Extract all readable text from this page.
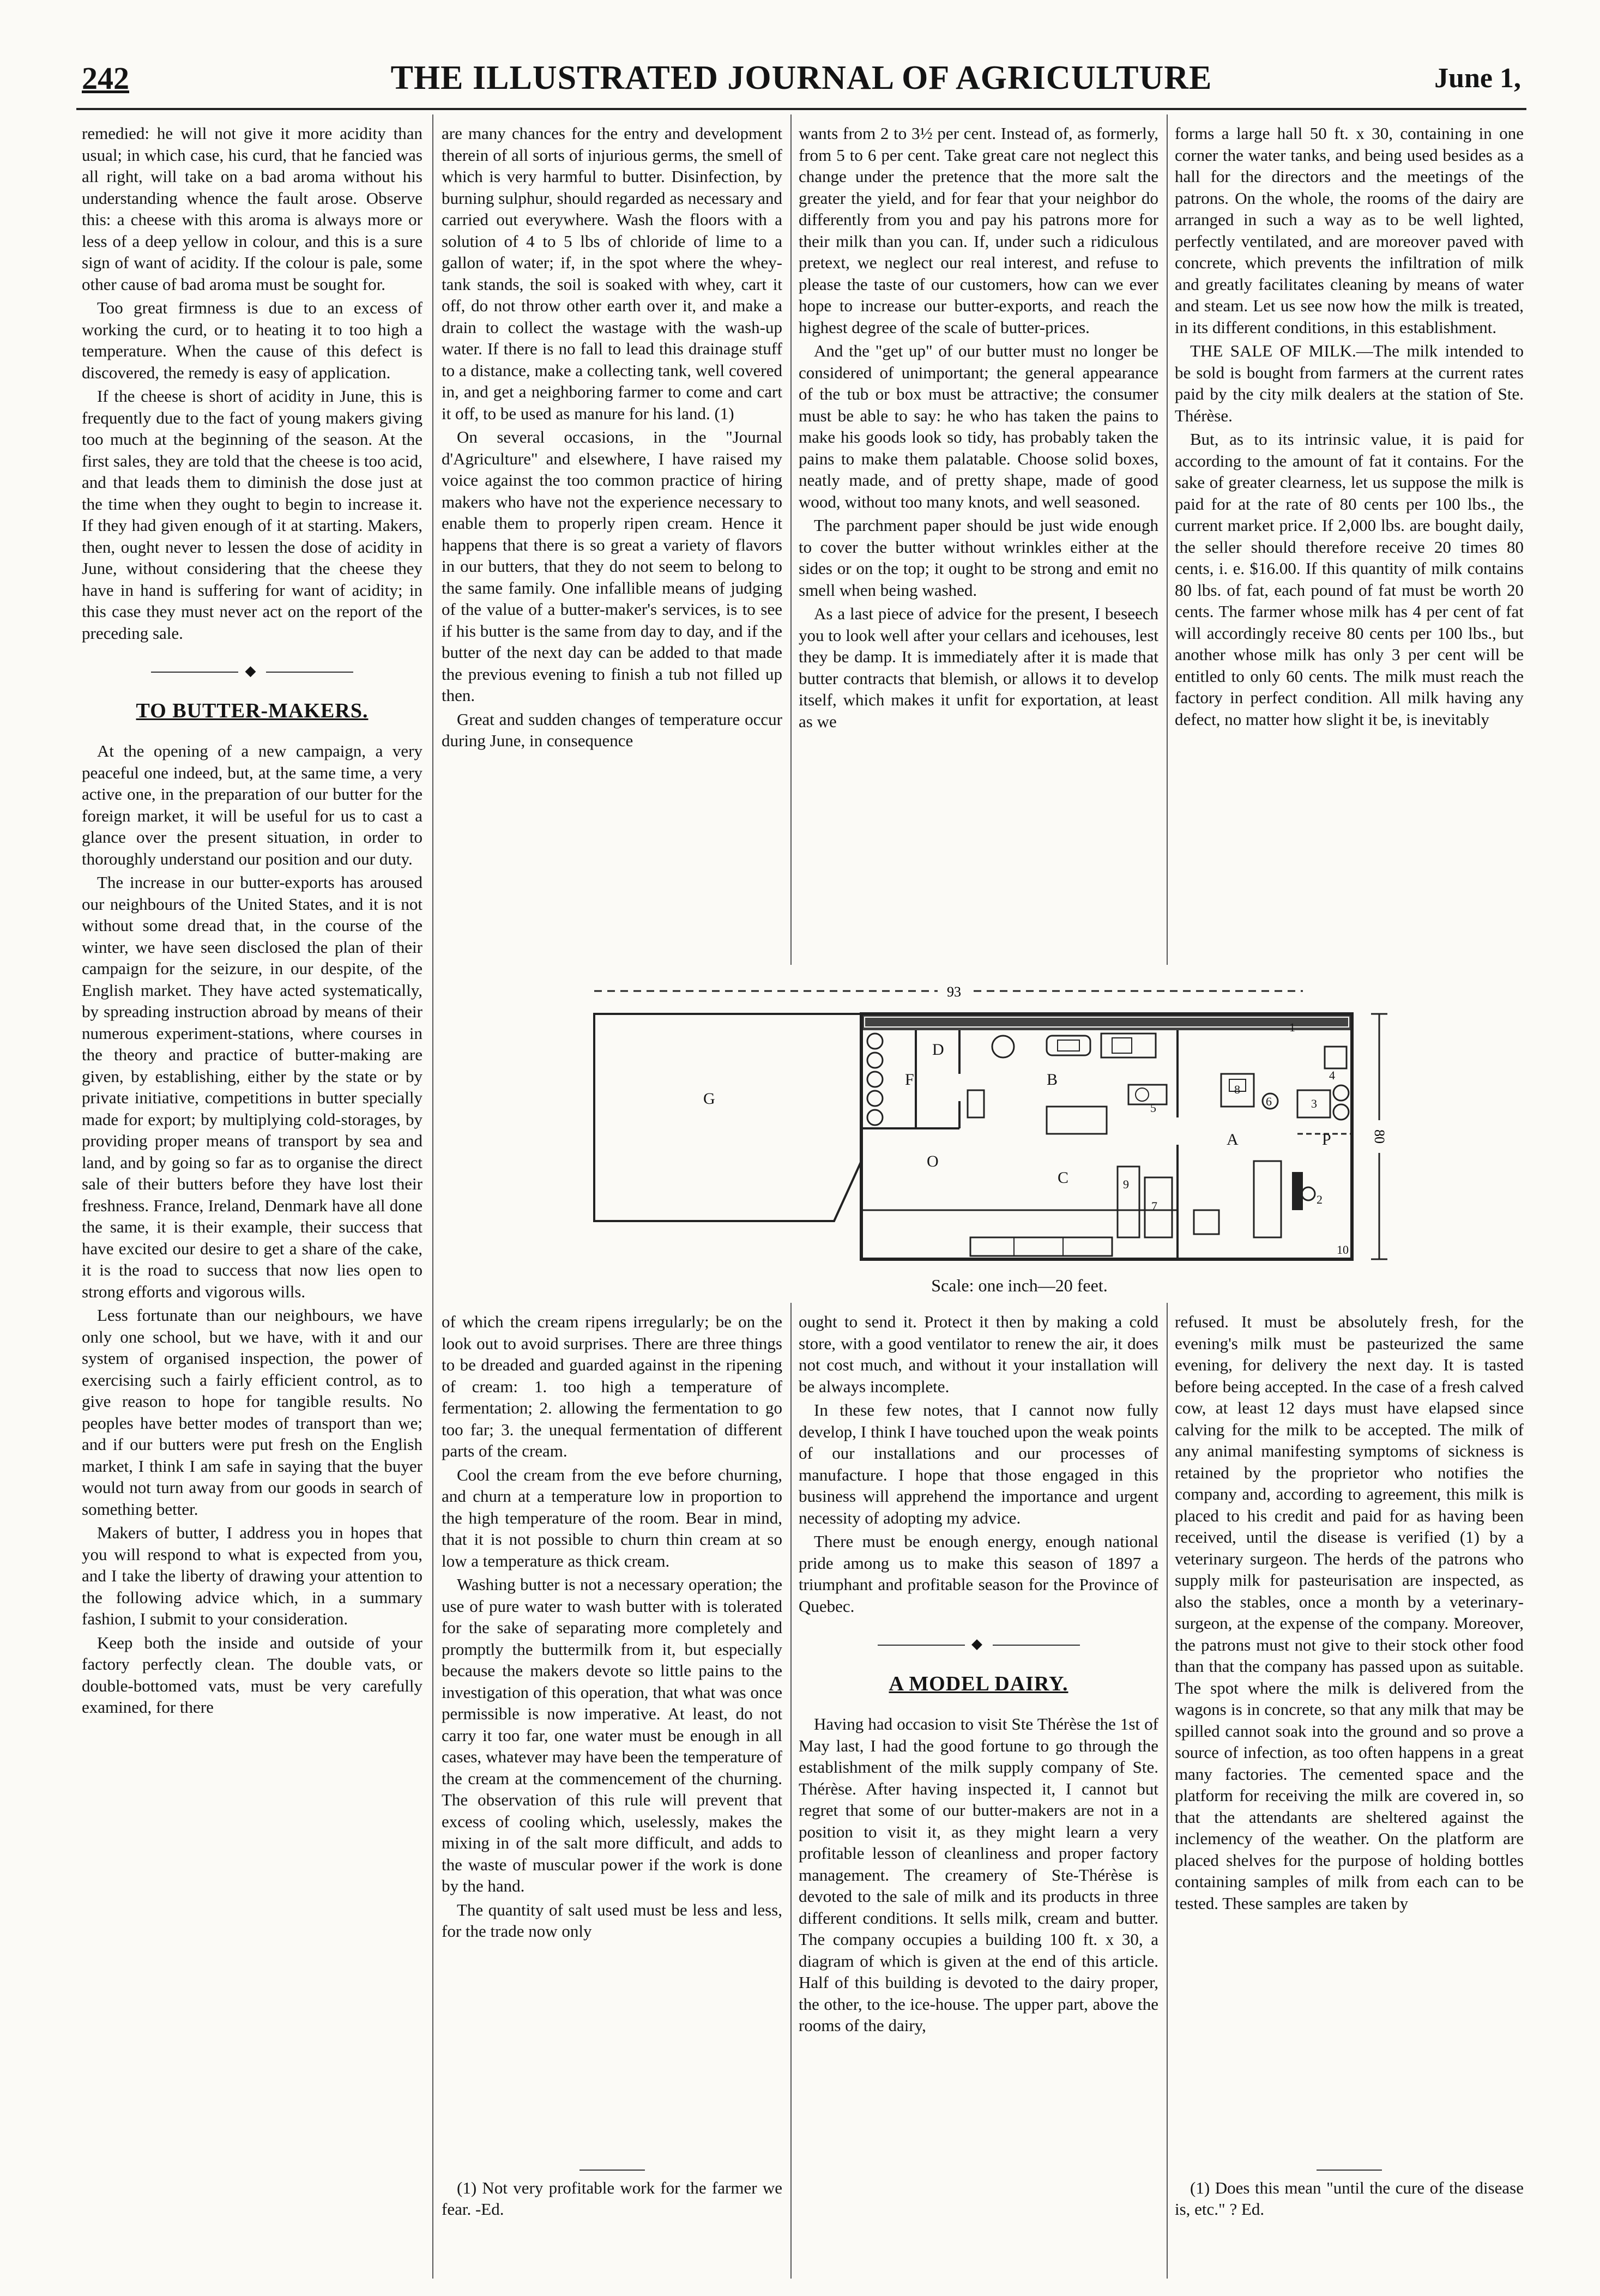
242	THE ILLUSTRATED JOURNAL OF AGRICULTURE	June 1,

remedied: he will not give it more acidity than usual; in which case, his curd, that he fancied was all right, will take on a bad aroma without his understanding whence the fault arose. Observe this: a cheese with this aroma is always more or less of a deep yellow in colour, and this is a sure sign of want of acidity. If the colour is pale, some other cause of bad aroma must be sought for.

Too great firmness is due to an excess of working the curd, or to heating it to too high a temperature. When the cause of this defect is discovered, the remedy is easy of application.

If the cheese is short of acidity in June, this is frequently due to the fact of young makers giving too much at the beginning of the season. At the first sales, they are told that the cheese is too acid, and that leads them to diminish the dose just at the time when they ought to begin to increase it. If they had given enough of it at starting. Makers, then, ought never to lessen the dose of acidity in June, without considering that the cheese they have in hand is suffering for want of acidity; in this case they must never act on the report of the preceding sale.

◆
TO BUTTER-MAKERS.

At the opening of a new campaign, a very peaceful one indeed, but, at the same time, a very active one, in the preparation of our butter for the foreign market, it will be useful for us to cast a glance over the present situation, in order to thoroughly understand our position and our duty.

The increase in our butter-exports has aroused our neighbours of the United States, and it is not without some dread that, in the course of the winter, we have seen disclosed the plan of their campaign for the seizure, in our despite, of the English market. They have acted systematically, by spreading instruction abroad by means of their numerous experiment-stations, where courses in the theory and practice of butter-making are given, by establishing, either by the state or by private initiative, competitions in butter specially made for export; by multiplying cold-storages, by providing proper means of transport by sea and land, and by going so far as to organise the direct sale of their butters before they have lost their freshness. France, Ireland, Denmark have all done the same, it is their example, their success that have excited our desire to get a share of the cake, it is the road to success that now lies open to strong efforts and vigorous wills.

Less fortunate than our neighbours, we have only one school, but we have, with it and our system of organised inspection, the power of exercising such a fairly efficient control, as to give reason to hope for tangible results. No peoples have better modes of transport than we; and if our butters were put fresh on the English market, I think I am safe in saying that the buyer would not turn away from our goods in search of something better.

Makers of butter, I address you in hopes that you will respond to what is expected from you, and I take the liberty of drawing your attention to the following advice which, in a summary fashion, I submit to your consideration.

Keep both the inside and outside of your factory perfectly clean. The double vats, or double-bottomed vats, must be very carefully examined, for there

are many chances for the entry and development therein of all sorts of injurious germs, the smell of which is very harmful to butter. Disinfection, by burning sulphur, should regarded as necessary and carried out everywhere. Wash the floors with a solution of 4 to 5 lbs of chloride of lime to a gallon of water; if, in the spot where the whey-tank stands, the soil is soaked with whey, cart it off, do not throw other earth over it, and make a drain to collect the wastage with the wash-up water. If there is no fall to lead this drainage stuff to a distance, make a collecting tank, well covered in, and get a neighboring farmer to come and cart it off, to be used as manure for his land. (1)

On several occasions, in the "Journal d'Agriculture" and elsewhere, I have raised my voice against the too common practice of hiring makers who have not the experience necessary to enable them to properly ripen cream. Hence it happens that there is so great a variety of flavors in our butters, that they do not seem to belong to the same family. One infallible means of judging of the value of a butter-maker's services, is to see if his butter is the same from day to day, and if the butter of the next day can be added to that made the previous evening to finish a tub not filled up then.

Great and sudden changes of temperature occur during June, in consequence

wants from 2 to 3½ per cent. Instead of, as formerly, from 5 to 6 per cent. Take great care not neglect this change under the pretence that the more salt the greater the yield, and for fear that your neighbor do differently from you and pay his patrons more for their milk than you can. If, under such a ridiculous pretext, we neglect our real interest, and refuse to please the taste of our customers, how can we ever hope to increase our butter-exports, and reach the highest degree of the scale of butter-prices.

And the "get up" of our butter must no longer be considered of unimportant; the general appearance of the tub or box must be attractive; the consumer must be able to say: he who has taken the pains to make his goods look so tidy, has probably taken the pains to make them palatable. Choose solid boxes, neatly made, and of pretty shape, made of good wood, without too many knots, and well seasoned.

The parchment paper should be just wide enough to cover the butter without wrinkles either at the sides or on the top; it ought to be strong and emit no smell when being washed.

As a last piece of advice for the present, I beseech you to look well after your cellars and icehouses, lest they be damp. It is immediately after it is made that butter contracts that blemish, or allows it to develop itself, which makes it unfit for exportation, at least as we

forms a large hall 50 ft. x 30, containing in one corner the water tanks, and being used besides as a hall for the directors and the meetings of the patrons. On the whole, the rooms of the dairy are arranged in such a way as to be well lighted, perfectly ventilated, and are moreover paved with concrete, which prevents the infiltration of milk and greatly facilitates cleaning by means of water and steam. Let us see now how the milk is treated, in its different conditions, in this establishment.

THE SALE OF MILK.—The milk intended to be sold is bought from farmers at the current rates paid by the city milk dealers at the station of Ste. Thérèse.

But, as to its intrinsic value, it is paid for according to the amount of fat it contains. For the sake of greater clearness, let us suppose the milk is paid for at the rate of 80 cents per 100 lbs., the current market price. If 2,000 lbs. are bought daily, the seller should therefore receive 20 times 80 cents, i. e. $16.00. If this quantity of milk contains 80 lbs. of fat, each pound of fat must be worth 20 cents. The farmer whose milk has 4 per cent of fat will accordingly receive 80 cents per 100 lbs., but another whose milk has only 3 per cent will be entitled to only 60 cents. The milk must reach the factory in perfect condition. All milk having any defect, no matter how slight it be, is inevitably

93
80
G
F
D
O
B
C
A	P
1
2
3
4
5	6
7
8
9
10
Scale: one inch—20 feet.

of which the cream ripens irregularly; be on the look out to avoid surprises. There are three things to be dreaded and guarded against in the ripening of cream: 1. too high a temperature of fermentation; 2. allowing the fermentation to go too far; 3. the unequal fermentation of different parts of the cream.

Cool the cream from the eve before churning, and churn at a temperature low in proportion to the high temperature of the room. Bear in mind, that it is not possible to churn thin cream at so low a temperature as thick cream.

Washing butter is not a necessary operation; the use of pure water to wash butter with is tolerated for the sake of separating more completely and promptly the buttermilk from it, but especially because the makers devote so little pains to the investigation of this operation, that what was once permissible is now imperative. At least, do not carry it too far, one water must be enough in all cases, whatever may have been the temperature of the cream at the commencement of the churning. The observation of this rule will prevent that excess of cooling which, uselessly, makes the mixing in of the salt more difficult, and adds to the waste of muscular power if the work is done by the hand.

The quantity of salt used must be less and less, for the trade now only

(1) Not very profitable work for the farmer we fear. -Ed.

ought to send it. Protect it then by making a cold store, with a good ventilator to renew the air, it does not cost much, and without it your installation will be always incomplete.

In these few notes, that I cannot now fully develop, I think I have touched upon the weak points of our installations and our processes of manufacture. I hope that those engaged in this business will apprehend the importance and urgent necessity of adopting my advice.

There must be enough energy, enough national pride among us to make this season of 1897 a triumphant and profitable season for the Province of Quebec.

◆
A MODEL DAIRY.

Having had occasion to visit Ste Thérèse the 1st of May last, I had the good fortune to go through the establishment of the milk supply company of Ste. Thérèse. After having inspected it, I cannot but regret that some of our butter-makers are not in a position to visit it, as they might learn a very profitable lesson of cleanliness and proper factory management. The creamery of Ste-Thérèse is devoted to the sale of milk and its products in three different conditions. It sells milk, cream and butter. The company occupies a building 100 ft. x 30, a diagram of which is given at the end of this article. Half of this building is devoted to the dairy proper, the other, to the ice-house. The upper part, above the rooms of the dairy,

refused. It must be absolutely fresh, for the evening's milk must be pasteurized the same evening, for delivery the next day. It is tasted before being accepted. In the case of a fresh calved cow, at least 12 days must have elapsed since calving for the milk to be accepted. The milk of any animal manifesting symptoms of sickness is retained by the proprietor who notifies the company and, according to agreement, this milk is placed to his credit and paid for as having been received, until the disease is verified (1) by a veterinary surgeon. The herds of the patrons who supply milk for pasteurisation are inspected, as also the stables, once a month by a veterinary-surgeon, at the expense of the company. Moreover, the patrons must not give to their stock other food than that the company has passed upon as suitable. The spot where the milk is delivered from the wagons is in concrete, so that any milk that may be spilled cannot soak into the ground and so prove a source of infection, as too often happens in a great many factories. The cemented space and the platform for receiving the milk are covered in, so that the attendants are sheltered against the inclemency of the weather. On the platform are placed shelves for the purpose of holding bottles containing samples of milk from each can to be tested. These samples are taken by

(1) Does this mean "until the cure of the disease is, etc." ? Ed.
